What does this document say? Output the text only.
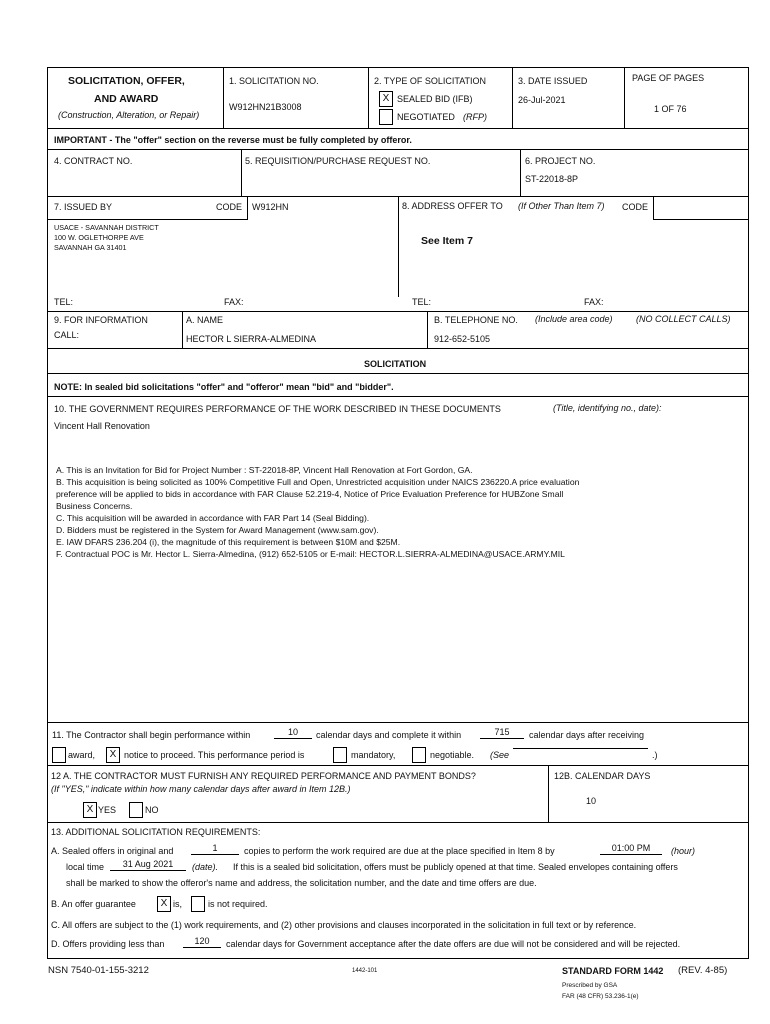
SOLICITATION, OFFER,
AND AWARD
(Construction, Alteration, or Repair)
1. SOLICITATION NO.
W912HN21B3008
2. TYPE OF SOLICITATION
X SEALED BID (IFB)
NEGOTIATED (RFP)
3. DATE ISSUED
26-Jul-2021
PAGE OF PAGES
1 OF 76
IMPORTANT - The "offer" section on the reverse must be fully completed by offeror.
4. CONTRACT NO.	5. REQUISITION/PURCHASE REQUEST NO.	6. PROJECT NO.
ST-22018-8P
7. ISSUED BY	CODE W912HN	8. ADDRESS OFFER TO (If Other Than Item 7) CODE
USACE - SAVANNAH DISTRICT
100 W. OGLETHORPE AVE
SAVANNAH GA 31401
See Item 7
TEL:	FAX:	TEL:	FAX:
9. FOR INFORMATION
CALL:
A. NAME
HECTOR L SIERRA-ALMEDINA
B. TELEPHONE NO. (Include area code)	(NO COLLECT CALLS)
912-652-5105
SOLICITATION
NOTE: In sealed bid solicitations "offer" and "offeror" mean "bid" and "bidder".
10. THE GOVERNMENT REQUIRES PERFORMANCE OF THE WORK DESCRIBED IN THESE DOCUMENTS	(Title, identifying no., date):
Vincent Hall Renovation
A. This is an Invitation for Bid for Project Number : ST-22018-8P, Vincent Hall Renovation at Fort Gordon, GA.
B. This acquisition is being solicited as 100% Competitive Full and Open, Unrestricted acquisition under NAICS 236220.A price evaluation
preference will be applied to bids in accordance with FAR Clause 52.219-4, Notice of Price Evaluation Preference for HUBZone Small
Business Concerns.
C. This acquisition will be awarded in accordance with FAR Part 14 (Seal Bidding).
D. Bidders must be registered in the System for Award Management (www.sam.gov).
E. IAW DFARS 236.204 (i), the magnitude of this requirement is between $10M and $25M.
F. Contractual POC is Mr. Hector L. Sierra-Almedina, (912) 652-5105 or E-mail: HECTOR.L.SIERRA-ALMEDINA@USACE.ARMY.MIL
11. The Contractor shall begin performance within	10	calendar days and complete it within	715	calendar days after receiving
award,	X notice to proceed. This performance period is	mandatory,	negotiable. (See	.)
12 A. THE CONTRACTOR MUST FURNISH ANY REQUIRED PERFORMANCE AND PAYMENT BONDS?
(If "YES," indicate within how many calendar days after award in Item 12B.)
X YES	NO
12B. CALENDAR DAYS
10
13. ADDITIONAL SOLICITATION REQUIREMENTS:
A. Sealed offers in original and	1	copies to perform the work required are due at the place specified in Item 8 by	01:00 PM	(hour)
local time	31 Aug 2021	(date). If this is a sealed bid solicitation, offers must be publicly opened at that time. Sealed envelopes containing offers
shall be marked to show the offeror's name and address, the solicitation number, and the date and time offers are due.
B. An offer guarantee	X is,	is not required.
C. All offers are subject to the (1) work requirements, and (2) other provisions and clauses incorporated in the solicitation in full text or by reference.
D. Offers providing less than	120	calendar days for Government acceptance after the date offers are due will not be considered and will be rejected.
NSN 7540-01-155-3212	1442-101	STANDARD FORM 1442 (REV. 4-85)
Prescribed by GSA
FAR (48 CFR) 53.236-1(e)
